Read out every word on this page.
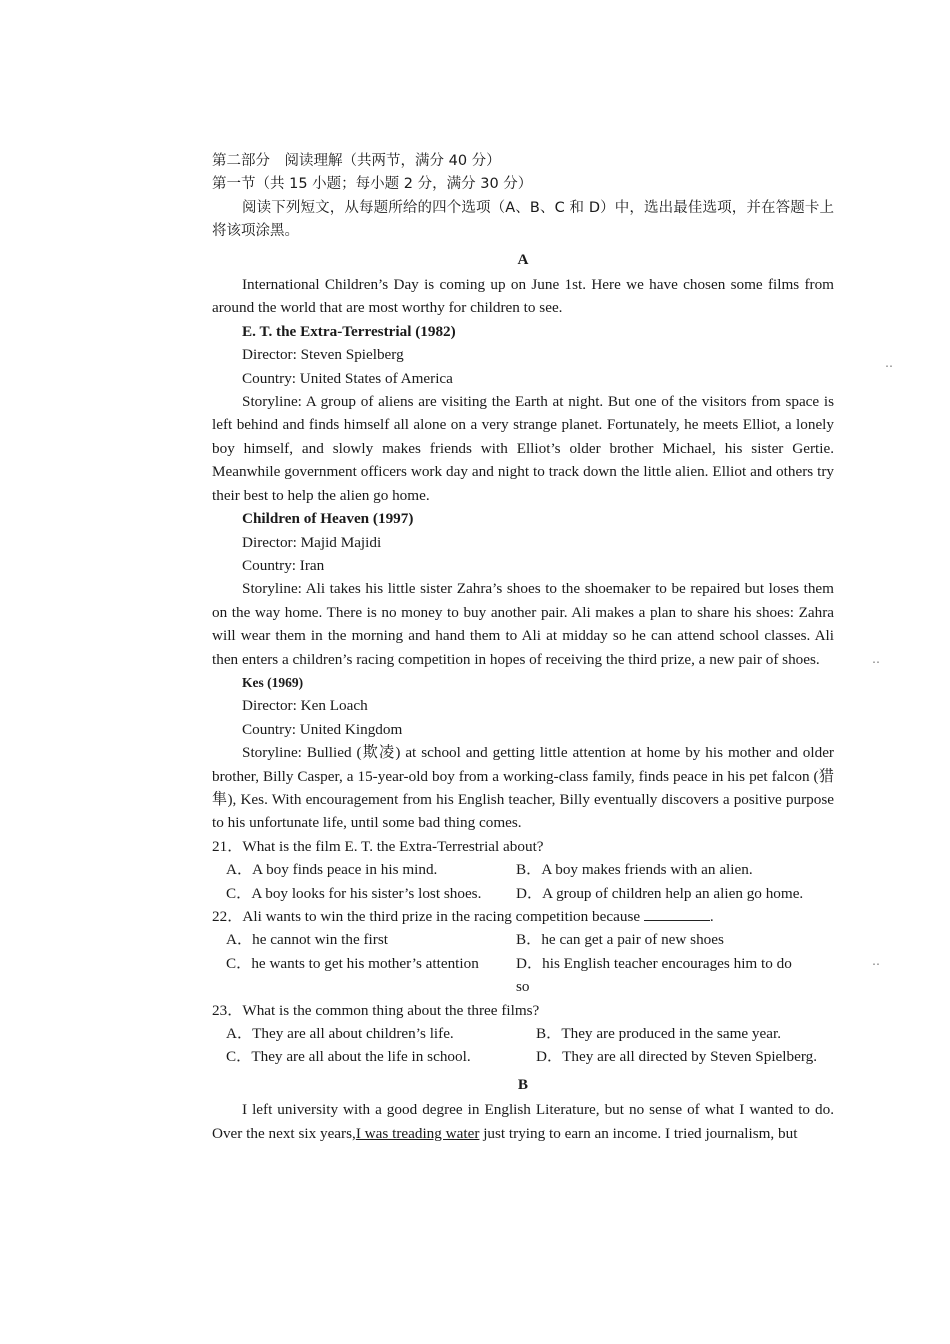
‥
‥
‥

第二部分　阅读理解（共两节，满分 40 分）

第一节（共 15 小题；每小题 2 分，满分 30 分）

阅读下列短文，从每题所给的四个选项（A、B、C 和 D）中，选出最佳选项，并在答题卡上将该项涂黑。

A

International Children’s Day is coming up on June 1st. Here we have chosen some films from around the world that are most worthy for children to see.

E. T. the Extra-Terrestrial (1982)

Director: Steven Spielberg

Country: United States of America

Storyline: A group of aliens are visiting the Earth at night. But one of the visitors from space is left behind and finds himself all alone on a very strange planet. Fortunately, he meets Elliot, a lonely boy himself, and slowly makes friends with Elliot’s older brother Michael, his sister Gertie. Meanwhile government officers work day and night to track down the little alien. Elliot and others try their best to help the alien go home.

Children of Heaven (1997)

Director: Majid Majidi

Country: Iran

Storyline: Ali takes his little sister Zahra’s shoes to the shoemaker to be repaired but loses them on the way home. There is no money to buy another pair. Ali makes a plan to share his shoes: Zahra will wear them in the morning and hand them to Ali at midday so he can attend school classes. Ali then enters a children’s racing competition in hopes of receiving the third prize, a new pair of shoes.

Kes (1969)

Director: Ken Loach

Country: United Kingdom

Storyline: Bullied (欺凌) at school and getting little attention at home by his mother and older brother, Billy Casper, a 15-year-old boy from a working-class family, finds peace in his pet falcon (猎隼), Kes. With encouragement from his English teacher, Billy eventually discovers a positive purpose to his unfortunate life, until some bad thing comes.

21．What is the film E. T. the Extra-Terrestrial about?

A．A boy finds peace in his mind.	B．A boy makes friends with an alien.
C．A boy looks for his sister’s lost shoes.	D．A group of children help an alien go home.

22．Ali wants to win the third prize in the racing competition because	.

A．he cannot win the first	B．he can get a pair of new shoes
C．he wants to get his mother’s attention	D．his English teacher encourages him to do so

23．What is the common thing about the three films?

A．They are all about children’s life.	B．They are produced in the same year.
C．They are all about the life in school.	D．They are all directed by Steven Spielberg.

B

I left university with a good degree in English Literature, but no sense of what I wanted to do. Over the next six years,I was treading water just trying to earn an income. I tried journalism, but
